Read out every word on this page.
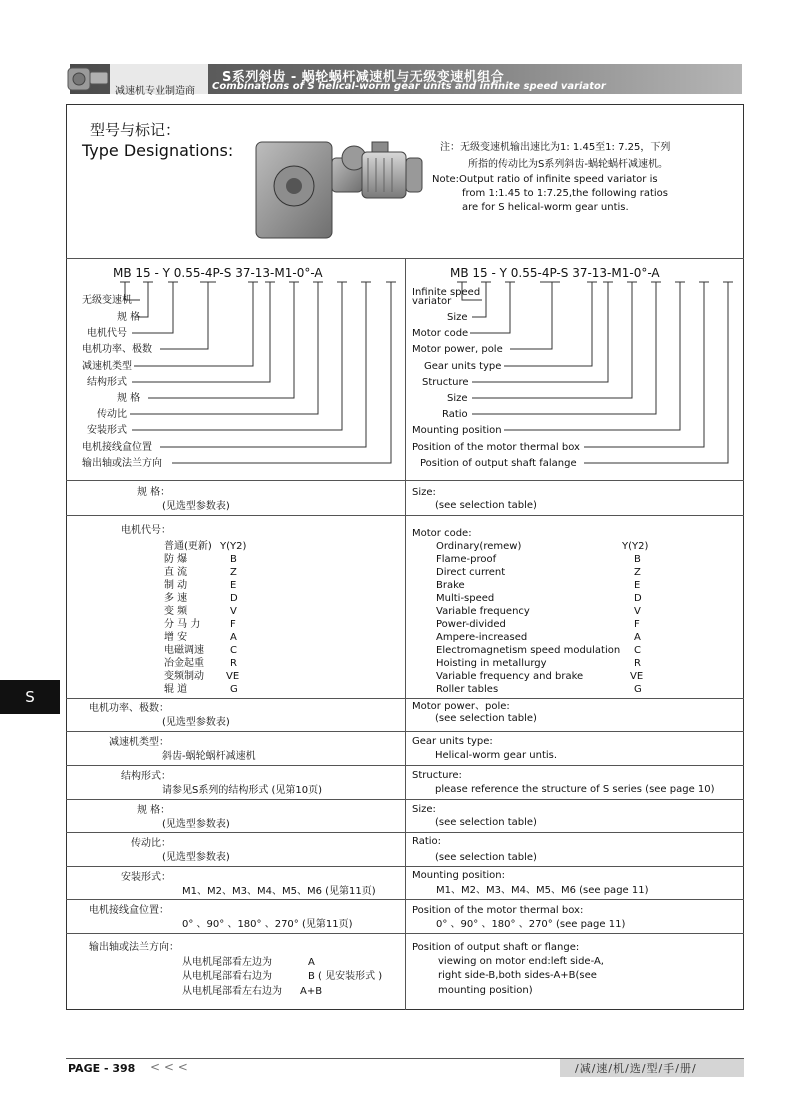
减速机专业制造商
S系列斜齿 - 蜗轮蜗杆减速机与无级变速机组合
Combinations of S helical-worm gear units and infinite speed variator
型号与标记：
Type Designations:	注：无级变速机输出速比为1: 1.45至1: 7.25，下列
所指的传动比为S系列斜齿-蜗轮蜗杆减速机。
Note:Output ratio of infinite speed variator is
from 1:1.45 to 1:7.25,the following ratios
are for S helical-worm gear untis.
MB 15 - Y 0.55-4P-S 37-13-M1-0°-A	MB 15 - Y 0.55-4P-S 37-13-M1-0°-A
无级变速机
规 格
电机代号
电机功率、极数
减速机类型
结构形式
规 格
传动比
安装形式
电机接线盒位置
输出轴或法兰方向
Infinite speed
variator
Size
Motor code
Motor power, pole
Gear units type
Structure
Size
Ratio
Mounting position
Position of the motor thermal box
Position of output shaft falange
规 格：
(见选型参数表)
Size:
(see selection table)
电机代号：
普通(更新) Y(Y2)
防 爆	B
直 流	Z
制 动	E
多 速	D
变 频	V
分 马 力	F
增 安	A
电磁调速	C
冶金起重	R
变频制动 VE
辊 道	G
Motor code:
Ordinary(remew)	Y(Y2)
Flame-proof	B
Direct current	Z
Brake	E
Multi-speed	D
Variable frequency	V
Power-divided	F
Ampere-increased	A
Electromagnetism speed modulation C
Hoisting in metallurgy	R
Variable frequency and brake	VE
Roller tables	G
电机功率、极数：
(见选型参数表)
Motor power、pole:
(see selection table)
减速机类型：
斜齿-蜗轮蜗杆减速机
Gear units type:
Helical-worm gear untis.
结构形式：
请参见S系列的结构形式 (见第10页)
Structure:
please reference the structure of S series (see page 10)
规 格：
(见选型参数表)
Size:
(see selection table)
传动比：
(见选型参数表)
Ratio:
(see selection table)
安装形式：
M1、M2、M3、M4、M5、M6 (见第11页)
Mounting position:
M1、M2、M3、M4、M5、M6 (see page 11)
电机接线盒位置：
0° 、90° 、180° 、270° (见第11页)
Position of the motor thermal box:
0° 、90° 、180° 、270° (see page 11)
输出轴或法兰方向：
从电机尾部看左边为	A
从电机尾部看右边为	B ( 见安装形式 )
从电机尾部看左右边为 A+B
Position of output shaft or flange:
viewing on motor end:left side-A,
right side-B,both sides-A+B(see
mounting position)
S
PAGE - 398 < < <	/减/速/机/选/型/手/册/
